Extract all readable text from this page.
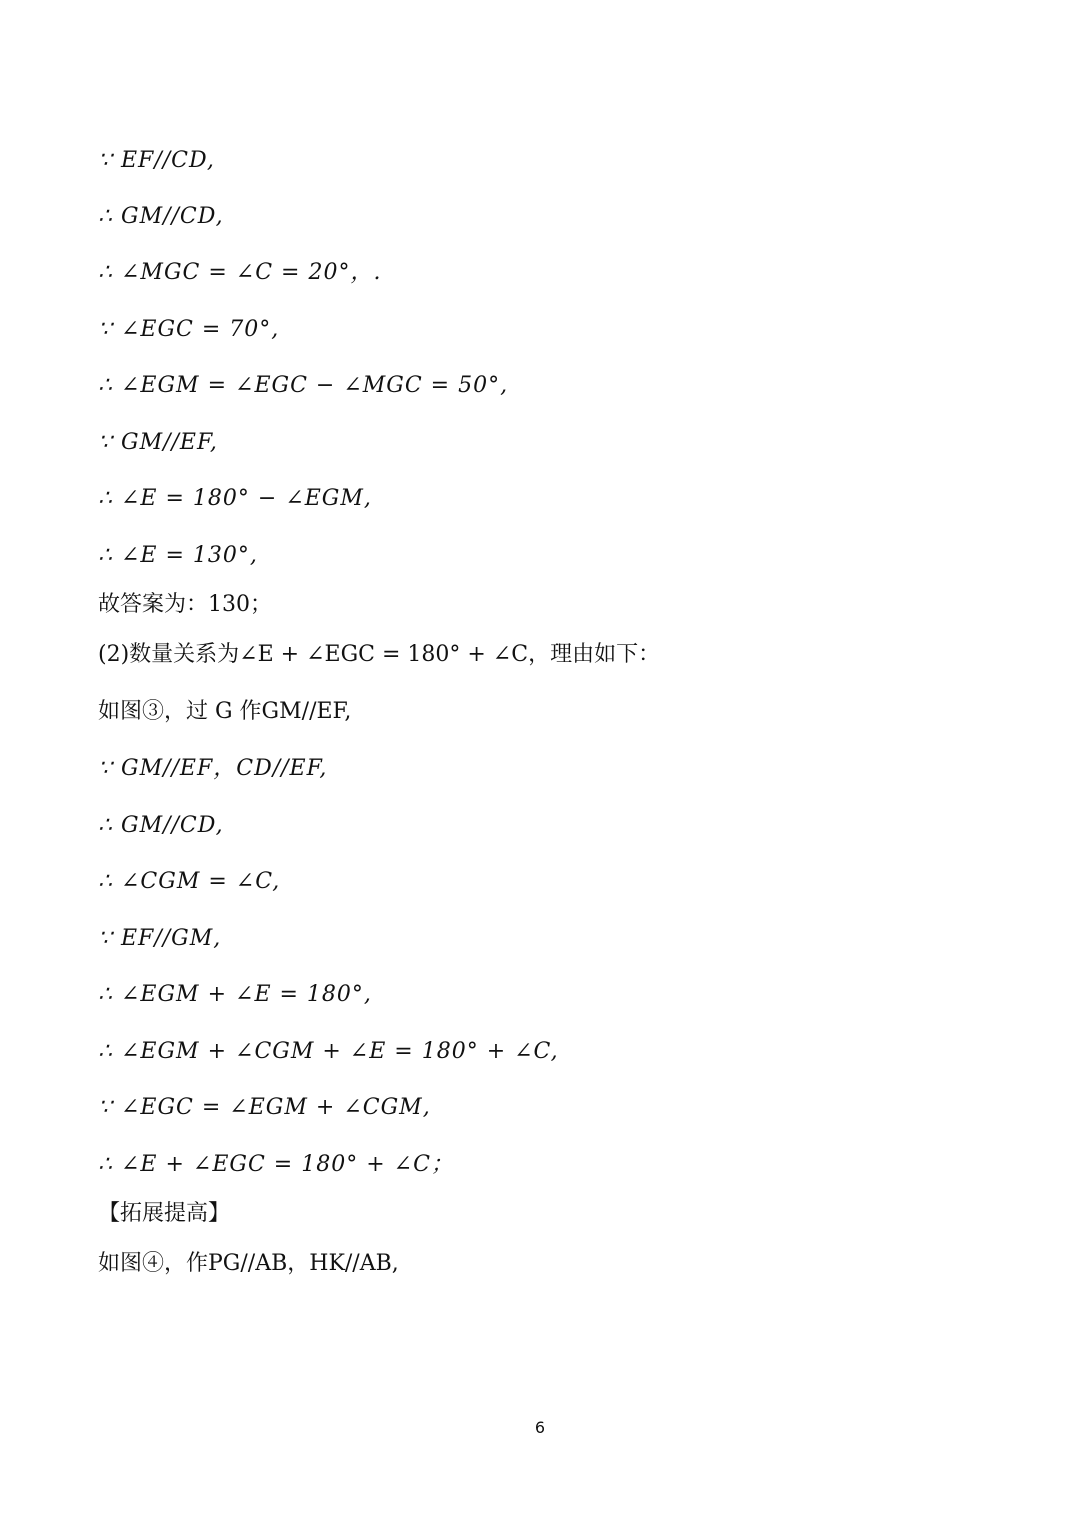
∵ EF//CD,
∴ GM//CD,
∴ ∠MGC = ∠C = 20°，.
∵ ∠EGC = 70°,
∴ ∠EGM = ∠EGC − ∠MGC = 50°,
∵ GM//EF,
∴ ∠E = 180° − ∠EGM,
∴ ∠E = 130°,
故答案为：130；
(2)数量关系为∠E + ∠EGC = 180° + ∠C，理由如下：
如图③，过 G 作GM//EF,
∵ GM//EF，CD//EF,
∴ GM//CD,
∴ ∠CGM = ∠C,
∵ EF//GM,
∴ ∠EGM + ∠E = 180°,
∴ ∠EGM + ∠CGM + ∠E = 180° + ∠C,
∵ ∠EGC = ∠EGM + ∠CGM,
∴ ∠E + ∠EGC = 180° + ∠C；
【拓展提高】
如图④，作PG//AB，HK//AB,
6
